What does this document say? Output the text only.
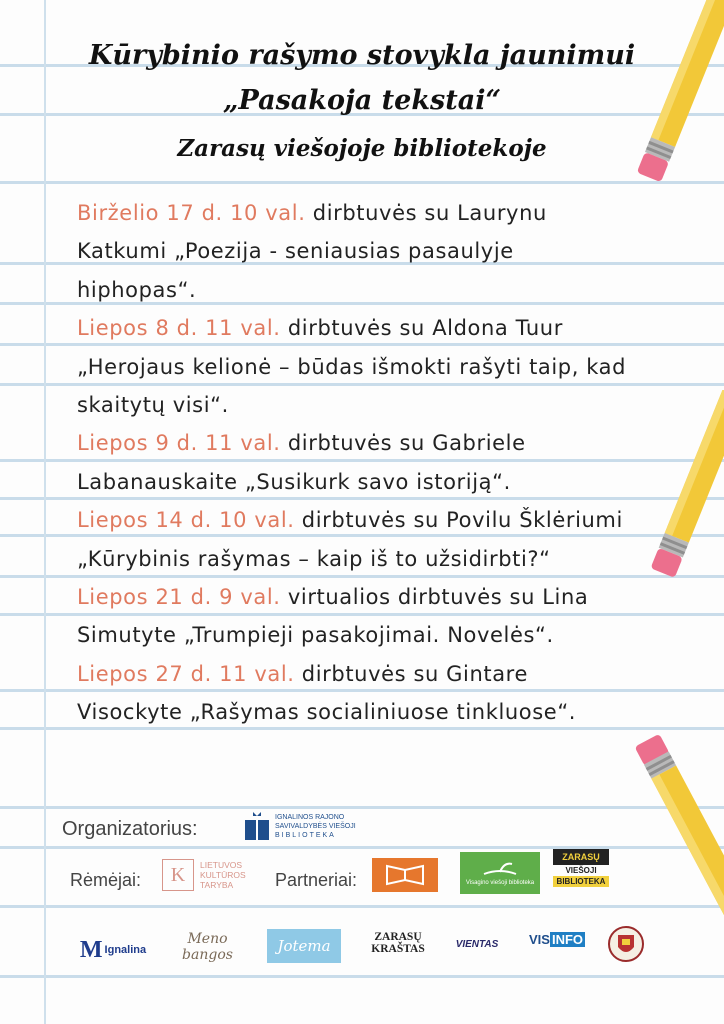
Kūrybinio rašymo stovykla jaunimui
„Pasakoja tekstai“
Zarasų viešojoje bibliotekoje

Birželio 17 d. 10 val. dirbtuvės su Laurynu Katkumi „Poezija - seniausias pasaulyje hiphopas“.

Liepos 8 d. 11 val. dirbtuvės su Aldona Tuur „Herojaus kelionė – būdas išmokti rašyti taip, kad skaitytų visi“.

Liepos 9 d. 11 val. dirbtuvės su Gabriele Labanauskaite „Susikurk savo istoriją“.

Liepos 14 d. 10 val. dirbtuvės su Povilu Šklėriumi „Kūrybinis rašymas – kaip iš to užsidirbti?“

Liepos 21 d. 9 val. virtualios dirbtuvės su Lina Simutyte „Trumpieji pasakojimai. Novelės“.

Liepos 27 d. 11 val. dirbtuvės su Gintare Visockyte „Rašymas socialiniuose tinkluose“.

Organizatorius:
Rėmėjai:	Partneriai:
IGNALINOS RAJONO
SAVIVALDYBĖS VIEŠOJI
BIBLIOTEKA
K	LIETUVOS
KULTŪROS
TARYBA	Visagino viešoji biblioteka
ZARASŲ
VIEŠOJI
BIBLIOTEKA
M Ignalina
Meno bangos	Jotema	ZARASŲ KRAŠTAS	VIENTAS VIS INFO
